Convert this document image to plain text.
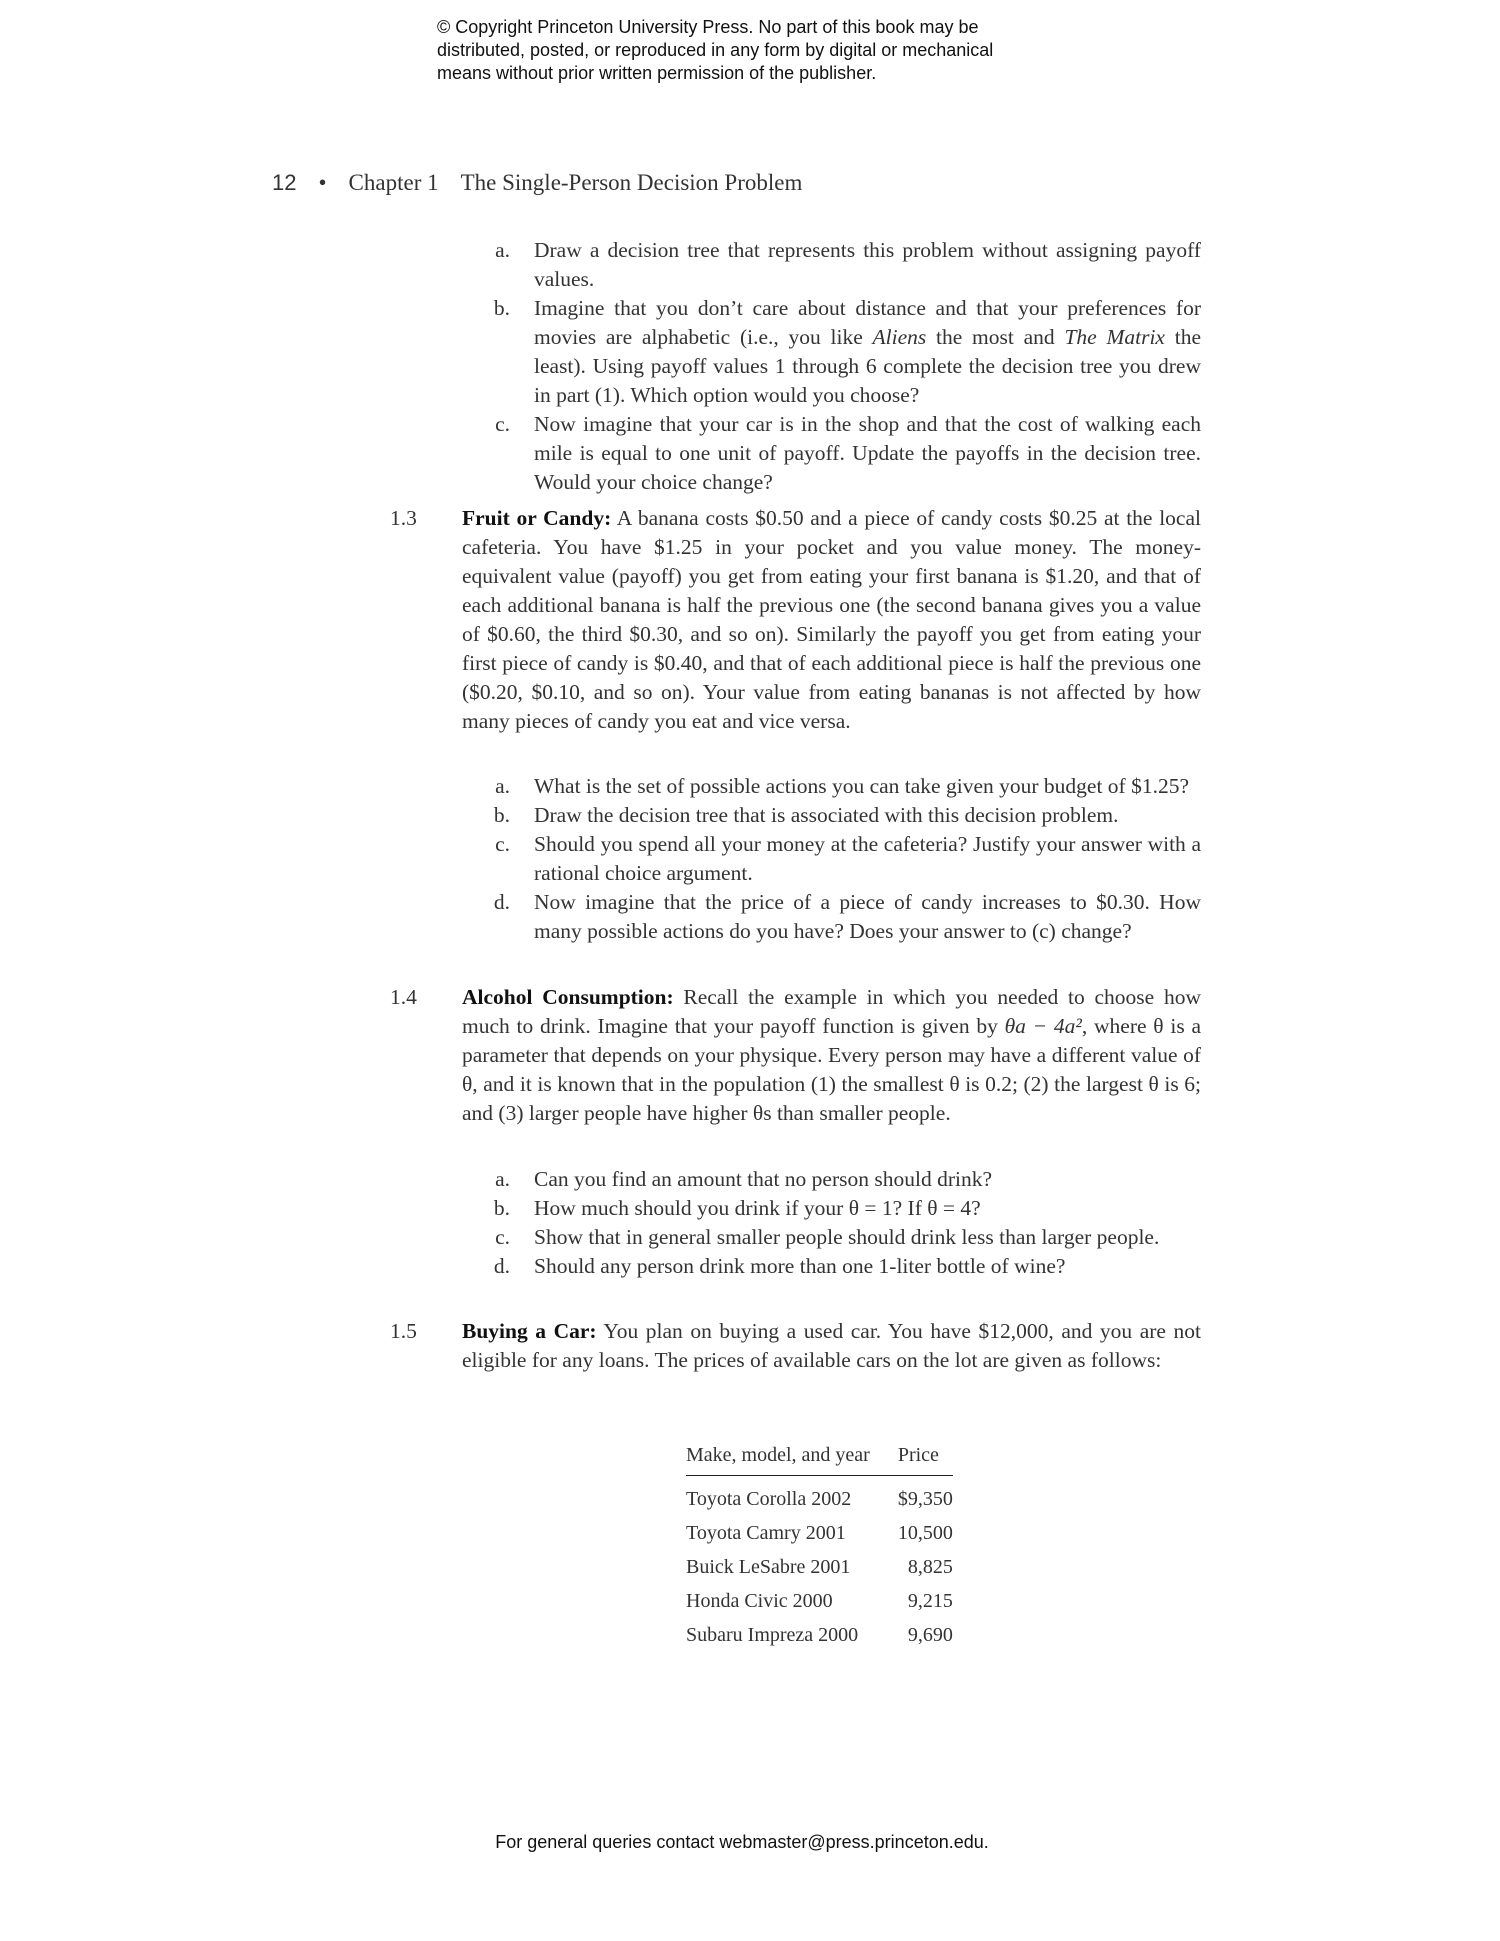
© Copyright Princeton University Press. No part of this book may be
distributed, posted, or reproduced in any form by digital or mechanical
means without prior written permission of the publisher.
12 • Chapter 1 The Single-Person Decision Problem
a. Draw a decision tree that represents this problem without assigning payoff values.
b. Imagine that you don’t care about distance and that your preferences for movies are alphabetic (i.e., you like Aliens the most and The Matrix the least). Using payoff values 1 through 6 complete the decision tree you drew in part (1). Which option would you choose?
c. Now imagine that your car is in the shop and that the cost of walking each mile is equal to one unit of payoff. Update the payoffs in the decision tree. Would your choice change?
1.3 Fruit or Candy: A banana costs $0.50 and a piece of candy costs $0.25 at the local cafeteria. You have $1.25 in your pocket and you value money. The money-equivalent value (payoff) you get from eating your first banana is $1.20, and that of each additional banana is half the previous one (the second banana gives you a value of $0.60, the third $0.30, and so on). Similarly the payoff you get from eating your first piece of candy is $0.40, and that of each additional piece is half the previous one ($0.20, $0.10, and so on). Your value from eating bananas is not affected by how many pieces of candy you eat and vice versa.
a. What is the set of possible actions you can take given your budget of $1.25?
b. Draw the decision tree that is associated with this decision problem.
c. Should you spend all your money at the cafeteria? Justify your answer with a rational choice argument.
d. Now imagine that the price of a piece of candy increases to $0.30. How many possible actions do you have? Does your answer to (c) change?
1.4 Alcohol Consumption: Recall the example in which you needed to choose how much to drink. Imagine that your payoff function is given by θa − 4a², where θ is a parameter that depends on your physique. Every person may have a different value of θ, and it is known that in the population (1) the smallest θ is 0.2; (2) the largest θ is 6; and (3) larger people have higher θs than smaller people.
a. Can you find an amount that no person should drink?
b. How much should you drink if your θ = 1? If θ = 4?
c. Show that in general smaller people should drink less than larger people.
d. Should any person drink more than one 1-liter bottle of wine?
1.5 Buying a Car: You plan on buying a used car. You have $12,000, and you are not eligible for any loans. The prices of available cars on the lot are given as follows:
Make, model, and year	Price
Toyota Corolla 2002	$9,350
Toyota Camry 2001	10,500
Buick LeSabre 2001	8,825
Honda Civic 2000	9,215
Subaru Impreza 2000	9,690
For general queries contact webmaster@press.princeton.edu.
